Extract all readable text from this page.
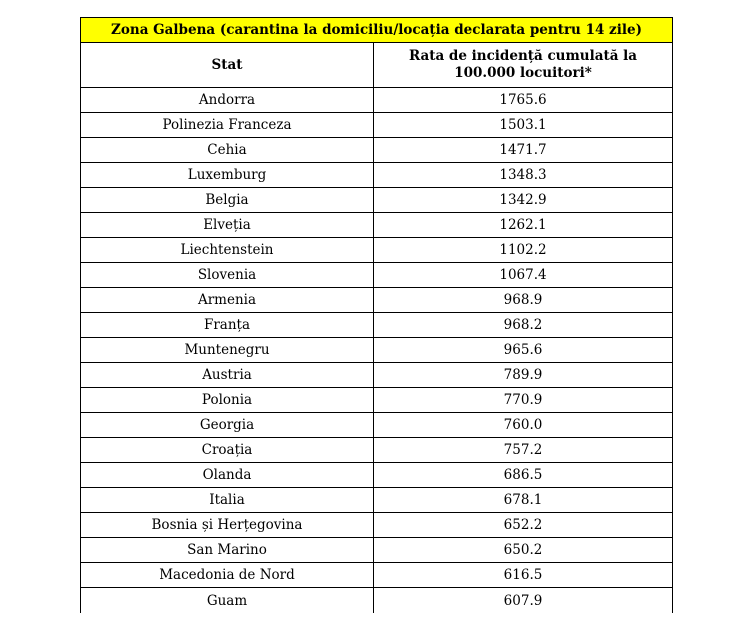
Zona Galbena (carantina la domiciliu/locația declarata pentru 14 zile)	
Stat	Rata de incidență cumulată la 100.000 locuitori*
Andorra	1765.6
Polinezia Franceza	1503.1
Cehia	1471.7
Luxemburg	1348.3
Belgia	1342.9
Elveția	1262.1
Liechtenstein	1102.2
Slovenia	1067.4
Armenia	968.9
Franța	968.2
Muntenegru	965.6
Austria	789.9
Polonia	770.9
Georgia	760.0
Croația	757.2
Olanda	686.5
Italia	678.1
Bosnia și Herțegovina	652.2
San Marino	650.2
Macedonia de Nord	616.5
Guam	607.9
